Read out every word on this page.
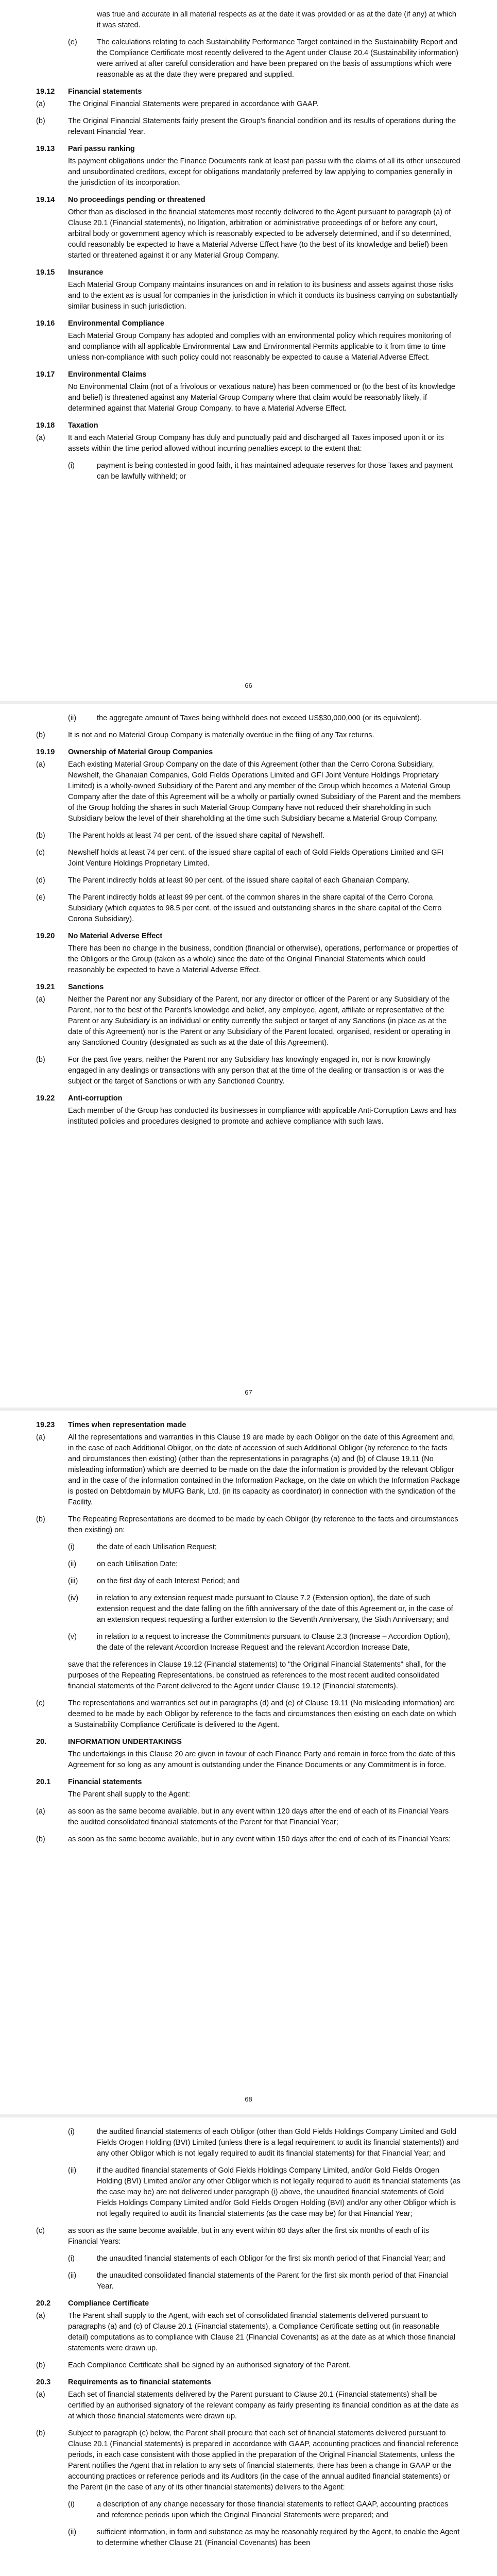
was true and accurate in all material respects as at the date it was provided or as at the date (if any) at which it was stated.
(e)	The calculations relating to each Sustainability Performance Target contained in the Sustainability Report and the Compliance Certificate most recently delivered to the Agent under Clause 20.4 (Sustainability information) were arrived at after careful consideration and have been prepared on the basis of assumptions which were reasonable as at the date they were prepared and supplied.
19.12	Financial statements
(a)	The Original Financial Statements were prepared in accordance with GAAP.
(b)	The Original Financial Statements fairly present the Group's financial condition and its results of operations during the relevant Financial Year.
19.13	Pari passu ranking
Its payment obligations under the Finance Documents rank at least pari passu with the claims of all its other unsecured and unsubordinated creditors, except for obligations mandatorily preferred by law applying to companies generally in the jurisdiction of its incorporation.
19.14	No proceedings pending or threatened
Other than as disclosed in the financial statements most recently delivered to the Agent pursuant to paragraph (a) of Clause 20.1 (Financial statements), no litigation, arbitration or administrative proceedings of or before any court, arbitral body or government agency which is reasonably expected to be adversely determined, and if so determined, could reasonably be expected to have a Material Adverse Effect have (to the best of its knowledge and belief) been started or threatened against it or any Material Group Company.
19.15	Insurance
Each Material Group Company maintains insurances on and in relation to its business and assets against those risks and to the extent as is usual for companies in the jurisdiction in which it conducts its business carrying on substantially similar business in such jurisdiction.
19.16	Environmental Compliance
Each Material Group Company has adopted and complies with an environmental policy which requires monitoring of and compliance with all applicable Environmental Law and Environmental Permits applicable to it from time to time unless non-compliance with such policy could not reasonably be expected to cause a Material Adverse Effect.
19.17	Environmental Claims
No Environmental Claim (not of a frivolous or vexatious nature) has been commenced or (to the best of its knowledge and belief) is threatened against any Material Group Company where that claim would be reasonably likely, if determined against that Material Group Company, to have a Material Adverse Effect.
19.18	Taxation
(a)	It and each Material Group Company has duly and punctually paid and discharged all Taxes imposed upon it or its assets within the time period allowed without incurring penalties except to the extent that:
(i)	payment is being contested in good faith, it has maintained adequate reserves for those Taxes and payment can be lawfully withheld; or
66
(ii)	the aggregate amount of Taxes being withheld does not exceed US$30,000,000 (or its equivalent).
(b)	It is not and no Material Group Company is materially overdue in the filing of any Tax returns.
19.19	Ownership of Material Group Companies
(a)	Each existing Material Group Company on the date of this Agreement (other than the Cerro Corona Subsidiary, Newshelf, the Ghanaian Companies, Gold Fields Operations Limited and GFI Joint Venture Holdings Proprietary Limited) is a wholly-owned Subsidiary of the Parent and any member of the Group which becomes a Material Group Company after the date of this Agreement will be a wholly or partially owned Subsidiary of the Parent and the members of the Group holding the shares in such Material Group Company have not reduced their shareholding in such Subsidiary below the level of their shareholding at the time such Subsidiary became a Material Group Company.
(b)	The Parent holds at least 74 per cent. of the issued share capital of Newshelf.
(c)	Newshelf holds at least 74 per cent. of the issued share capital of each of Gold Fields Operations Limited and GFI Joint Venture Holdings Proprietary Limited.
(d)	The Parent indirectly holds at least 90 per cent. of the issued share capital of each Ghanaian Company.
(e)	The Parent indirectly holds at least 99 per cent. of the common shares in the share capital of the Cerro Corona Subsidiary (which equates to 98.5 per cent. of the issued and outstanding shares in the share capital of the Cerro Corona Subsidiary).
19.20	No Material Adverse Effect
There has been no change in the business, condition (financial or otherwise), operations, performance or properties of the Obligors or the Group (taken as a whole) since the date of the Original Financial Statements which could reasonably be expected to have a Material Adverse Effect.
19.21	Sanctions
(a)	Neither the Parent nor any Subsidiary of the Parent, nor any director or officer of the Parent or any Subsidiary of the Parent, nor to the best of the Parent's knowledge and belief, any employee, agent, affiliate or representative of the Parent or any Subsidiary is an individual or entity currently the subject or target of any Sanctions (in place as at the date of this Agreement) nor is the Parent or any Subsidiary of the Parent located, organised, resident or operating in any Sanctioned Country (designated as such as at the date of this Agreement).
(b)	For the past five years, neither the Parent nor any Subsidiary has knowingly engaged in, nor is now knowingly engaged in any dealings or transactions with any person that at the time of the dealing or transaction is or was the subject or the target of Sanctions or with any Sanctioned Country.
19.22	Anti-corruption
Each member of the Group has conducted its businesses in compliance with applicable Anti-Corruption Laws and has instituted policies and procedures designed to promote and achieve compliance with such laws.
67
19.23	Times when representation made
(a)	All the representations and warranties in this Clause 19 are made by each Obligor on the date of this Agreement and, in the case of each Additional Obligor, on the date of accession of such Additional Obligor (by reference to the facts and circumstances then existing) (other than the representations in paragraphs (a) and (b) of Clause 19.11 (No misleading information) which are deemed to be made on the date the information is provided by the relevant Obligor and in the case of the information contained in the Information Package, on the date on which the Information Package is posted on Debtdomain by MUFG Bank, Ltd. (in its capacity as coordinator) in connection with the syndication of the Facility.
(b)	The Repeating Representations are deemed to be made by each Obligor (by reference to the facts and circumstances then existing) on:
(i)	the date of each Utilisation Request;
(ii)	on each Utilisation Date;
(iii)	on the first day of each Interest Period; and
(iv)	in relation to any extension request made pursuant to Clause 7.2 (Extension option), the date of such extension request and the date falling on the fifth anniversary of the date of this Agreement or, in the case of an extension request requesting a further extension to the Seventh Anniversary, the Sixth Anniversary; and
(v)	in relation to a request to increase the Commitments pursuant to Clause 2.3 (Increase – Accordion Option), the date of the relevant Accordion Increase Request and the relevant Accordion Increase Date,
save that the references in Clause 19.12 (Financial statements) to "the Original Financial Statements" shall, for the purposes of the Repeating Representations, be construed as references to the most recent audited consolidated financial statements of the Parent delivered to the Agent under Clause 19.12 (Financial statements).
(c)	The representations and warranties set out in paragraphs (d) and (e) of Clause 19.11 (No misleading information) are deemed to be made by each Obligor by reference to the facts and circumstances then existing on each date on which a Sustainability Compliance Certificate is delivered to the Agent.
20.	INFORMATION UNDERTAKINGS
The undertakings in this Clause 20 are given in favour of each Finance Party and remain in force from the date of this Agreement for so long as any amount is outstanding under the Finance Documents or any Commitment is in force.
20.1	Financial statements
The Parent shall supply to the Agent:
(a)	as soon as the same become available, but in any event within 120 days after the end of each of its Financial Years the audited consolidated financial statements of the Parent for that Financial Year;
(b)	as soon as the same become available, but in any event within 150 days after the end of each of its Financial Years:
68
(i)	the audited financial statements of each Obligor (other than Gold Fields Holdings Company Limited and Gold Fields Orogen Holding (BVI) Limited (unless there is a legal requirement to audit its financial statements)) and any other Obligor which is not legally required to audit its financial statements) for that Financial Year; and
(ii)	if the audited financial statements of Gold Fields Holdings Company Limited, and/or Gold Fields Orogen Holding (BVI) Limited and/or any other Obligor which is not legally required to audit its financial statements (as the case may be) are not delivered under paragraph (i) above, the unaudited financial statements of Gold Fields Holdings Company Limited and/or Gold Fields Orogen Holding (BVI) and/or any other Obligor which is not legally required to audit its financial statements (as the case may be) for that Financial Year;
(c)	as soon as the same become available, but in any event within 60 days after the first six months of each of its Financial Years:
(i)	the unaudited financial statements of each Obligor for the first six month period of that Financial Year; and
(ii)	the unaudited consolidated financial statements of the Parent for the first six month period of that Financial Year.
20.2	Compliance Certificate
(a)	The Parent shall supply to the Agent, with each set of consolidated financial statements delivered pursuant to paragraphs (a) and (c) of Clause 20.1 (Financial statements), a Compliance Certificate setting out (in reasonable detail) computations as to compliance with Clause 21 (Financial Covenants) as at the date as at which those financial statements were drawn up.
(b)	Each Compliance Certificate shall be signed by an authorised signatory of the Parent.
20.3	Requirements as to financial statements
(a)	Each set of financial statements delivered by the Parent pursuant to Clause 20.1 (Financial statements) shall be certified by an authorised signatory of the relevant company as fairly presenting its financial condition as at the date as at which those financial statements were drawn up.
(b)	Subject to paragraph (c) below, the Parent shall procure that each set of financial statements delivered pursuant to Clause 20.1 (Financial statements) is prepared in accordance with GAAP, accounting practices and financial reference periods, in each case consistent with those applied in the preparation of the Original Financial Statements, unless the Parent notifies the Agent that in relation to any sets of financial statements, there has been a change in GAAP or the accounting practices or reference periods and its Auditors (in the case of the annual audited financial statements) or the Parent (in the case of any of its other financial statements) delivers to the Agent:
(i)	a description of any change necessary for those financial statements to reflect GAAP, accounting practices and reference periods upon which the Original Financial Statements were prepared; and
(ii)	sufficient information, in form and substance as may be reasonably required by the Agent, to enable the Agent to determine whether Clause 21 (Financial Covenants) has been
